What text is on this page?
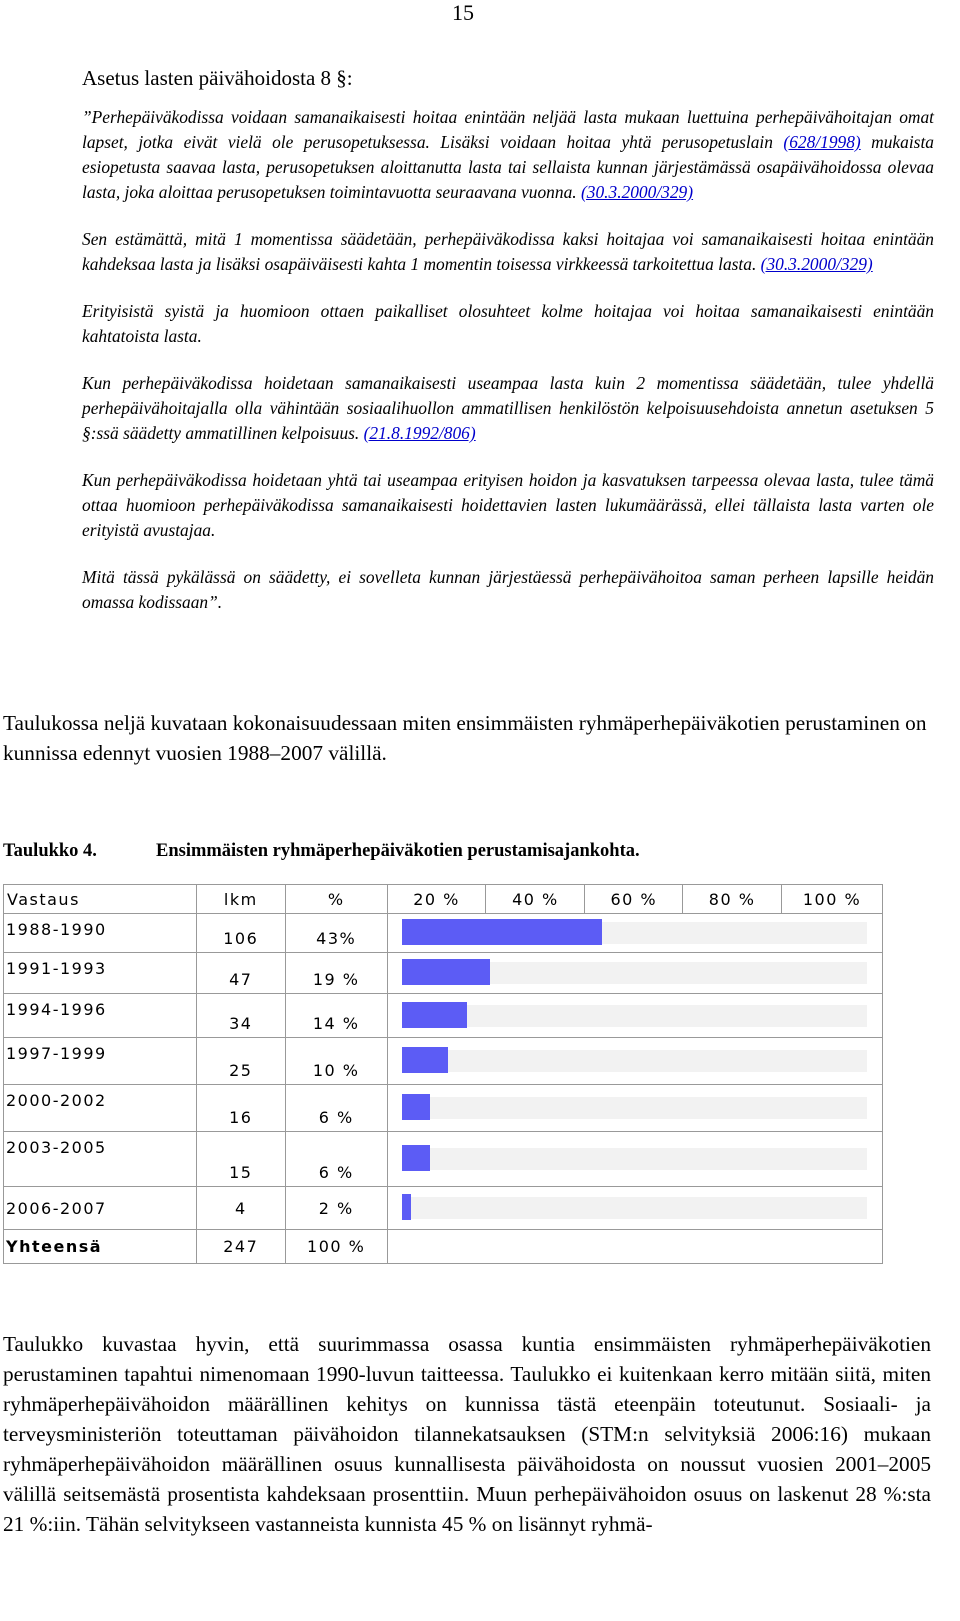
15
Asetus lasten päivähoidosta 8 §:

”Perhepäiväkodissa voidaan samanaikaisesti hoitaa enintään neljää lasta mukaan luettuina perhepäivähoitajan omat lapset, jotka eivät vielä ole perusopetuksessa. Lisäksi voidaan hoitaa yhtä perusopetuslain (628/1998) mukaista esiopetusta saavaa lasta, perusopetuksen aloittanutta lasta tai sellaista kunnan järjestämässä osapäivähoidossa olevaa lasta, joka aloittaa perusopetuksen toimintavuotta seuraavana vuonna. (30.3.2000/329)

Sen estämättä, mitä 1 momentissa säädetään, perhepäiväkodissa kaksi hoitajaa voi samanaikaisesti hoitaa enintään kahdeksaa lasta ja lisäksi osapäiväisesti kahta 1 momentin toisessa virkkeessä tarkoitettua lasta. (30.3.2000/329)

Erityisistä syistä ja huomioon ottaen paikalliset olosuhteet kolme hoitajaa voi hoitaa samanaikaisesti enintään kahtatoista lasta.

Kun perhepäiväkodissa hoidetaan samanaikaisesti useampaa lasta kuin 2 momentissa säädetään, tulee yhdellä perhepäivähoitajalla olla vähintään sosiaalihuollon ammatillisen henkilöstön kelpoisuusehdoista annetun asetuksen 5 §:ssä säädetty ammatillinen kelpoisuus. (21.8.1992/806)

Kun perhepäiväkodissa hoidetaan yhtä tai useampaa erityisen hoidon ja kasvatuksen tarpeessa olevaa lasta, tulee tämä ottaa huomioon perhepäiväkodissa samanaikaisesti hoidettavien lasten lukumäärässä, ellei tällaista lasta varten ole erityistä avustajaa.

Mitä tässä pykälässä on säädetty, ei sovelleta kunnan järjestäessä perhepäivähoitoa saman perheen lapsille heidän omassa kodissaan”.

Taulukossa neljä kuvataan kokonaisuudessaan miten ensimmäisten ryhmäperhepäiväkotien perustaminen on kunnissa edennyt vuosien 1988–2007 välillä.

Taulukko 4.	Ensimmäisten ryhmäperhepäiväkotien perustamisajankohta.
Vastaus	lkm	%	20 %	40 %	60 %	80 %	100 %
1988-1990	106	43%					

1991-1993	47	19 %					

1994-1996	34	14 %					

1997-1999	25	10 %					

2000-2002	16	6 %					

2003-2005	15	6 %					

2006-2007	4	2 %					

Yhteensä	247	100 %					

Taulukko kuvastaa hyvin, että suurimmassa osassa kuntia ensimmäisten ryhmäperhepäiväkotien perustaminen tapahtui nimenomaan 1990-luvun taitteessa. Taulukko ei kuitenkaan kerro mitään siitä, miten ryhmäperhepäivähoidon määrällinen kehitys on kunnissa tästä eteenpäin toteutunut. Sosiaali- ja terveysministeriön toteuttaman päivähoidon tilannekatsauksen (STM:n selvityksiä 2006:16) mukaan ryhmäperhepäivähoidon määrällinen osuus kunnallisesta päivähoidosta on noussut vuosien 2001–2005 välillä seitsemästä prosentista kahdeksaan prosenttiin. Muun perhepäivähoidon osuus on laskenut 28 %:sta 21 %:iin. Tähän selvitykseen vastanneista kunnista 45 % on lisännyt ryhmä-
